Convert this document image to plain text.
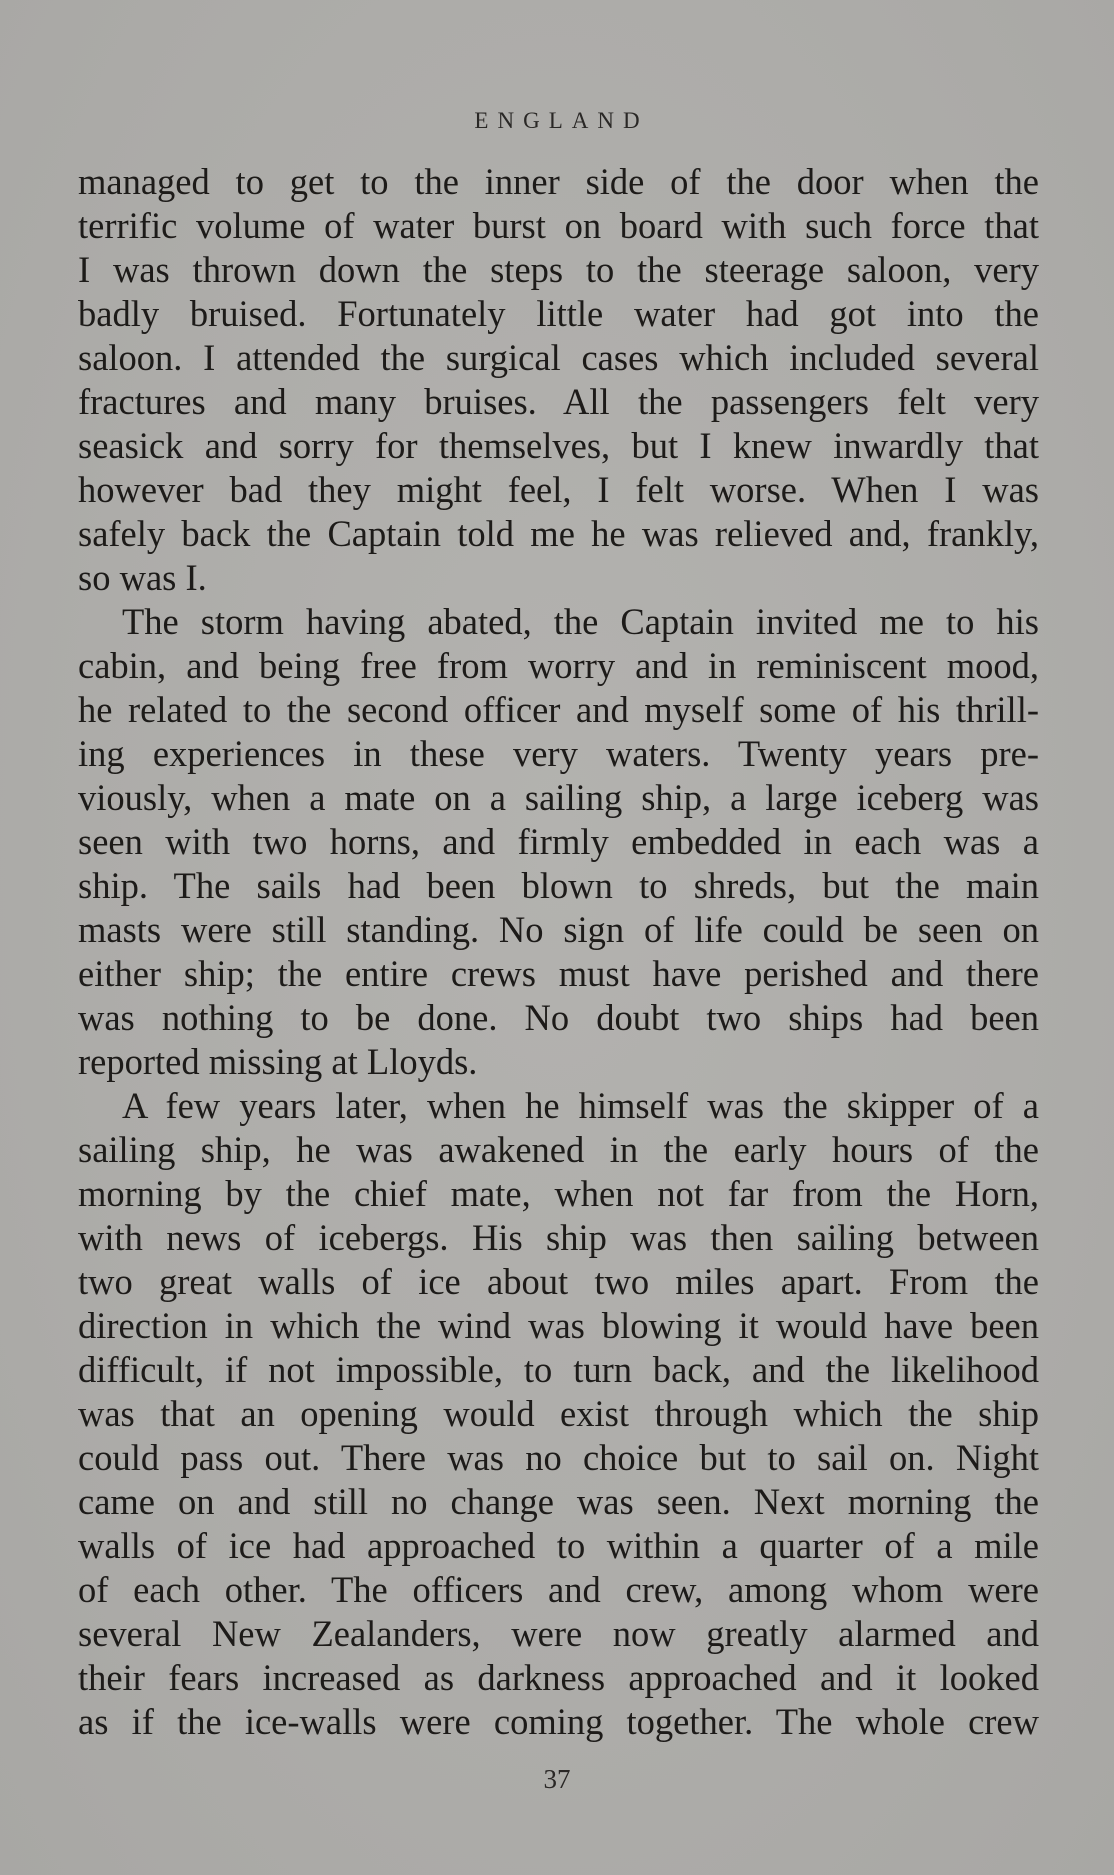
ENGLAND

managed to get to the inner side of the door when the
terrific volume of water burst on board with such force that
I was thrown down the steps to the steerage saloon, very
badly bruised. Fortunately little water had got into the
saloon. I attended the surgical cases which included several
fractures and many bruises. All the passengers felt very
seasick and sorry for themselves, but I knew inwardly that
however bad they might feel, I felt worse. When I was
safely back the Captain told me he was relieved and, frankly,
so was I.

The storm having abated, the Captain invited me to his
cabin, and being free from worry and in reminiscent mood,
he related to the second officer and myself some of his thrill-
ing experiences in these very waters. Twenty years pre-
viously, when a mate on a sailing ship, a large iceberg was
seen with two horns, and firmly embedded in each was a
ship. The sails had been blown to shreds, but the main
masts were still standing. No sign of life could be seen on
either ship; the entire crews must have perished and there
was nothing to be done. No doubt two ships had been
reported missing at Lloyds.

A few years later, when he himself was the skipper of a
sailing ship, he was awakened in the early hours of the
morning by the chief mate, when not far from the Horn,
with news of icebergs. His ship was then sailing between
two great walls of ice about two miles apart. From the
direction in which the wind was blowing it would have been
difficult, if not impossible, to turn back, and the likelihood
was that an opening would exist through which the ship
could pass out. There was no choice but to sail on. Night
came on and still no change was seen. Next morning the
walls of ice had approached to within a quarter of a mile
of each other. The officers and crew, among whom were
several New Zealanders, were now greatly alarmed and
their fears increased as darkness approached and it looked
as if the ice-walls were coming together. The whole crew

37
